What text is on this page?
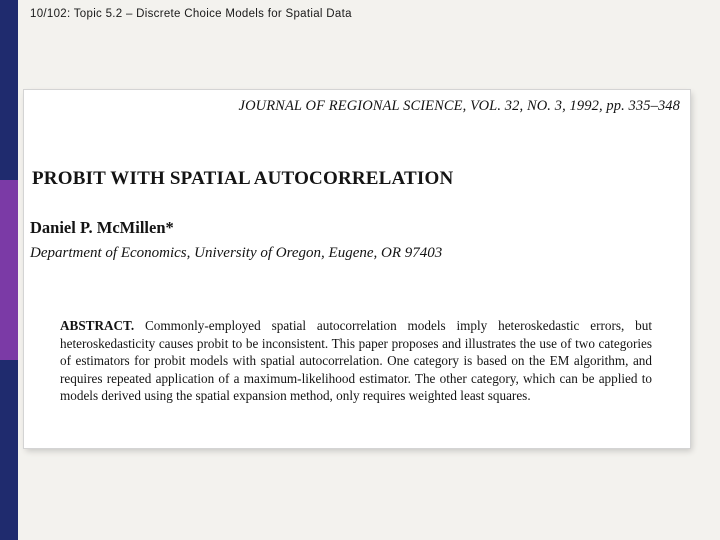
10/102: Topic 5.2 – Discrete Choice Models for Spatial Data
JOURNAL OF REGIONAL SCIENCE, VOL. 32, NO. 3, 1992, pp. 335–348
PROBIT WITH SPATIAL AUTOCORRELATION
Daniel P. McMillen*
Department of Economics, University of Oregon, Eugene, OR 97403
ABSTRACT. Commonly-employed spatial autocorrelation models imply heteroskedastic errors, but heteroskedasticity causes probit to be inconsistent. This paper proposes and illustrates the use of two categories of estimators for probit models with spatial autocorrelation. One category is based on the EM algorithm, and requires repeated application of a maximum-likelihood estimator. The other category, which can be applied to models derived using the spatial expansion method, only requires weighted least squares.
